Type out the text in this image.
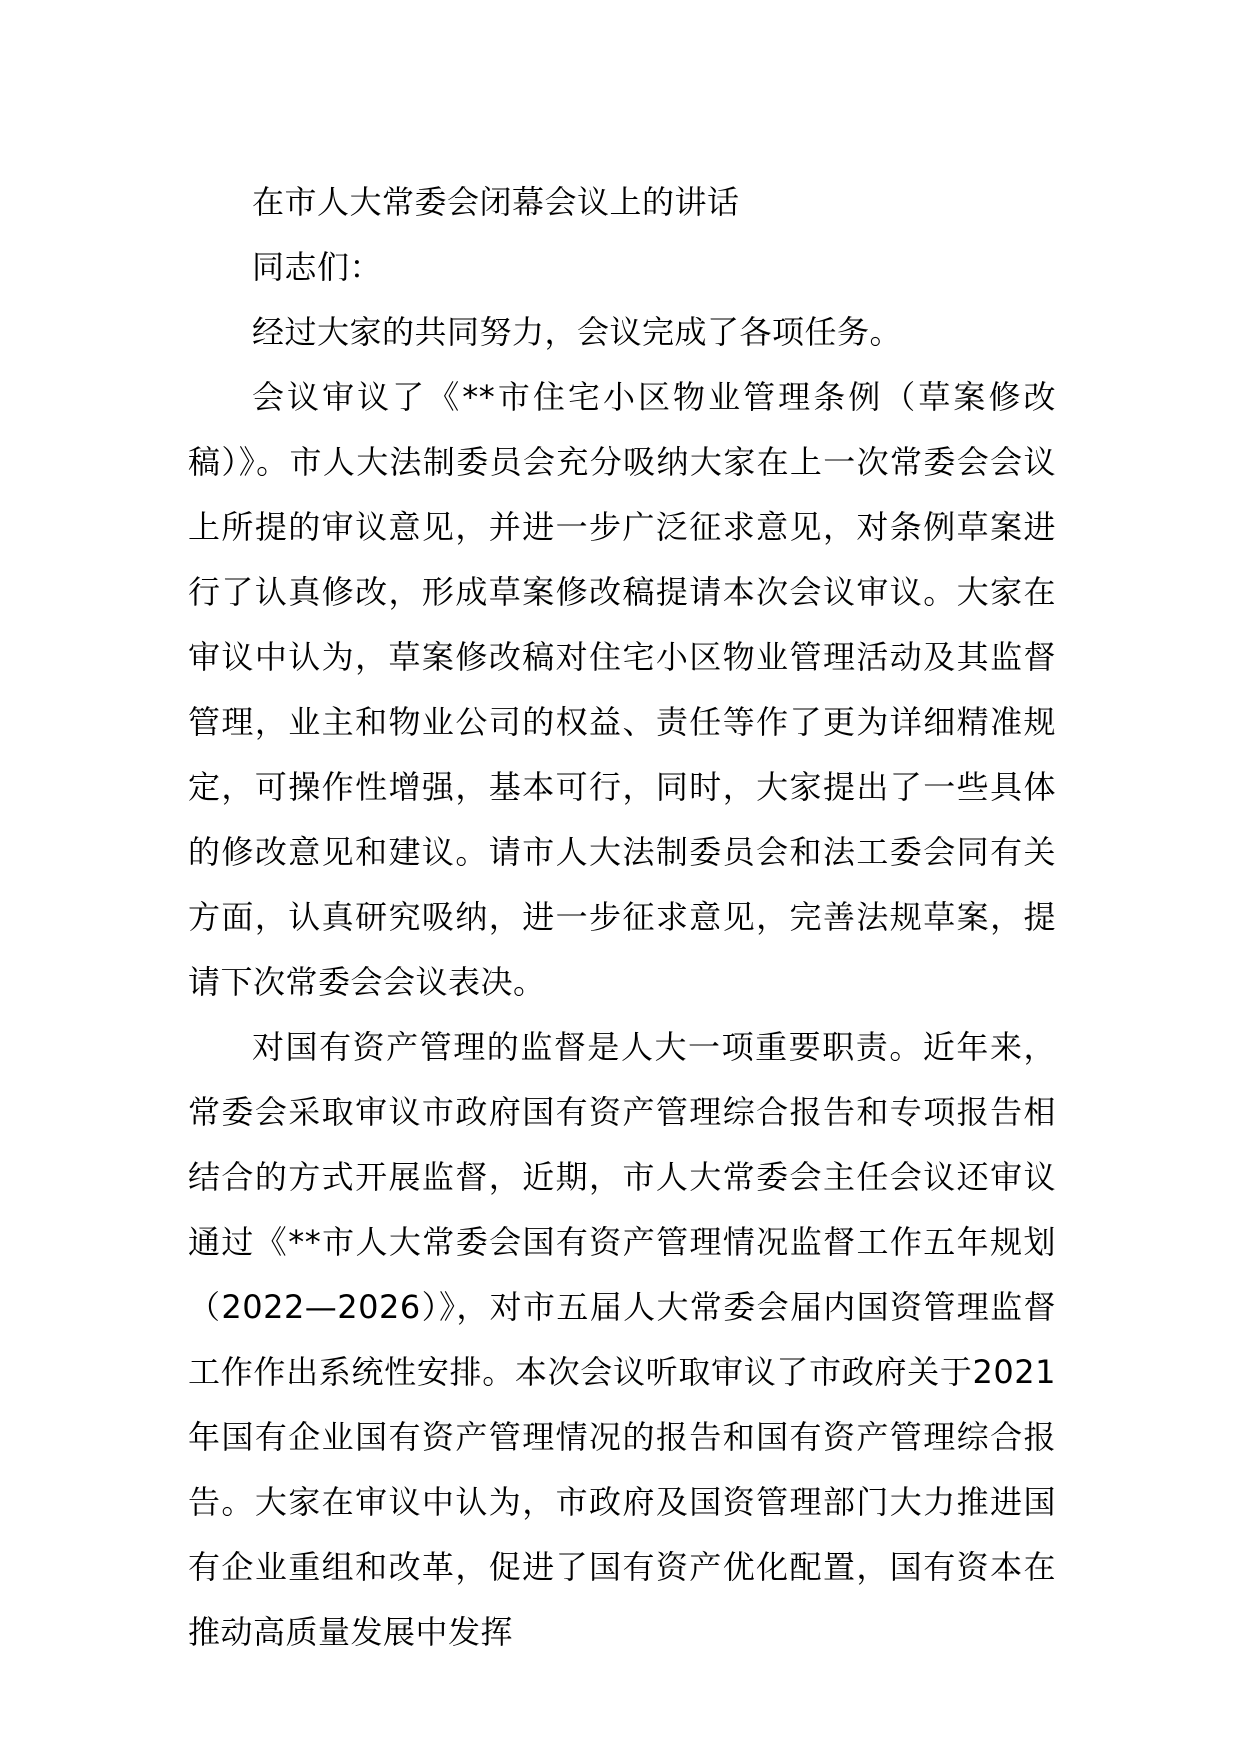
在市人大常委会闭幕会议上的讲话

同志们：

经过大家的共同努力，会议完成了各项任务。

会议审议了《**市住宅小区物业管理条例（草案修改稿）》。市人大法制委员会充分吸纳大家在上一次常委会会议上所提的审议意见，并进一步广泛征求意见，对条例草案进行了认真修改，形成草案修改稿提请本次会议审议。大家在审议中认为，草案修改稿对住宅小区物业管理活动及其监督管理，业主和物业公司的权益、责任等作了更为详细精准规定，可操作性增强，基本可行，同时，大家提出了一些具体的修改意见和建议。请市人大法制委员会和法工委会同有关方面，认真研究吸纳，进一步征求意见，完善法规草案，提请下次常委会会议表决。

对国有资产管理的监督是人大一项重要职责。近年来，常委会采取审议市政府国有资产管理综合报告和专项报告相结合的方式开展监督，近期，市人大常委会主任会议还审议通过《**市人大常委会国有资产管理情况监督工作五年规划（2022—2026）》，对市五届人大常委会届内国资管理监督工作作出系统性安排。本次会议听取审议了市政府关于2021年国有企业国有资产管理情况的报告和国有资产管理综合报告。大家在审议中认为，市政府及国资管理部门大力推进国有企业重组和改革，促进了国有资产优化配置，国有资本在推动高质量发展中发挥
